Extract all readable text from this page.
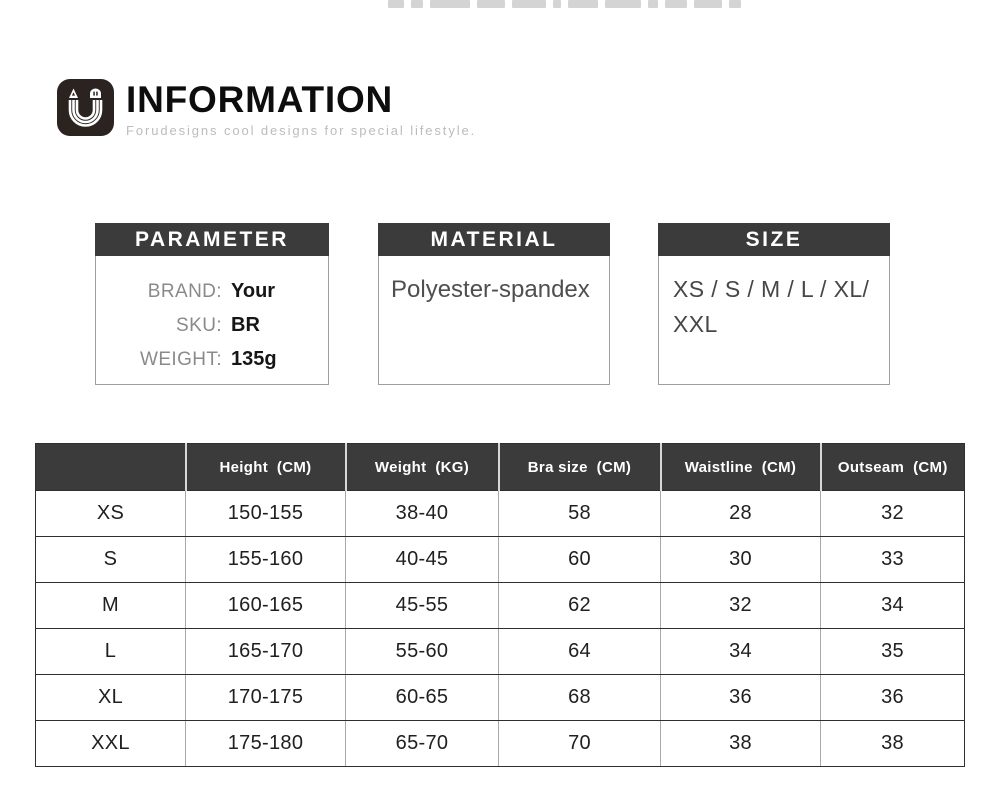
INFORMATION
Forudesigns cool designs for special lifestyle.
PARAMETER
BRAND: Your
SKU: BR
WEIGHT: 135g
MATERIAL
Polyester-spandex
SIZE
XS / S / M / L / XL/ XXL
	Height  (CM)	Weight  (KG)	Bra size  (CM)	Waistline  (CM)	Outseam  (CM)
XS	150-155	38-40	58	28	32
S	155-160	40-45	60	30	33
M	160-165	45-55	62	32	34
L	165-170	55-60	64	34	35
XL	170-175	60-65	68	36	36
XXL	175-180	65-70	70	38	38
